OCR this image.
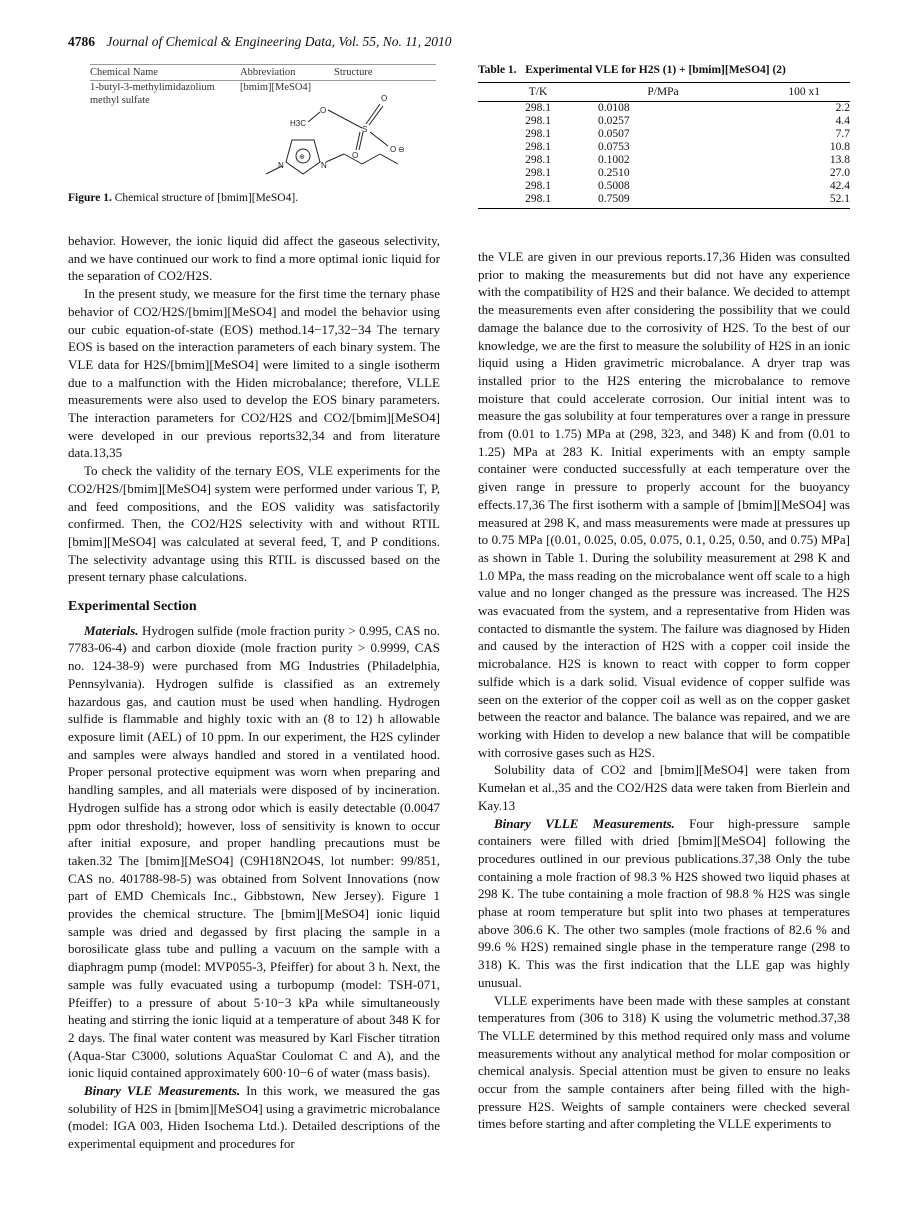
4786 Journal of Chemical & Engineering Data, Vol. 55, No. 11, 2010
Chemical Name	Abbreviation	Structure
1-butyl-3-methylimidazolium	[bmim][MeSO4]	
methyl sulfate			O
O
S
H3C
O
O ⊖
N	N
⊕
Figure 1. Chemical structure of [bmim][MeSO4].
Table 1. Experimental VLE for H2S (1) + [bmim][MeSO4] (2)
T/K	P/MPa	100 x1
298.1	0.0108	2.2
298.1	0.0257	4.4
298.1	0.0507	7.7
298.1	0.0753	10.8
298.1	0.1002	13.8
298.1	0.2510	27.0
298.1	0.5008	42.4
298.1	0.7509	52.1

behavior. However, the ionic liquid did affect the gaseous selectivity, and we have continued our work to find a more optimal ionic liquid for the separation of CO2/H2S.

In the present study, we measure for the first time the ternary phase behavior of CO2/H2S/[bmim][MeSO4] and model the behavior using our cubic equation-of-state (EOS) method.14−17,32−34 The ternary EOS is based on the interaction parameters of each binary system. The VLE data for H2S/[bmim][MeSO4] were limited to a single isotherm due to a malfunction with the Hiden microbalance; therefore, VLLE measurements were also used to develop the EOS binary parameters. The interaction parameters for CO2/H2S and CO2/[bmim][MeSO4] were developed in our previous reports32,34 and from literature data.13,35

To check the validity of the ternary EOS, VLE experiments for the CO2/H2S/[bmim][MeSO4] system were performed under various T, P, and feed compositions, and the EOS validity was satisfactorily confirmed. Then, the CO2/H2S selectivity with and without RTIL [bmim][MeSO4] was calculated at several feed, T, and P conditions. The selectivity advantage using this RTIL is discussed based on the present ternary phase calculations.

Experimental Section

Materials. Hydrogen sulfide (mole fraction purity > 0.995, CAS no. 7783-06-4) and carbon dioxide (mole fraction purity > 0.9999, CAS no. 124-38-9) were purchased from MG Industries (Philadelphia, Pennsylvania). Hydrogen sulfide is classified as an extremely hazardous gas, and caution must be used when handling. Hydrogen sulfide is flammable and highly toxic with an (8 to 12) h allowable exposure limit (AEL) of 10 ppm. In our experiment, the H2S cylinder and samples were always handled and stored in a ventilated hood. Proper personal protective equipment was worn when preparing and handling samples, and all materials were disposed of by incineration. Hydrogen sulfide has a strong odor which is easily detectable (0.0047 ppm odor threshold); however, loss of sensitivity is known to occur after initial exposure, and proper handling precautions must be taken.32 The [bmim][MeSO4] (C9H18N2O4S, lot number: 99/851, CAS no. 401788-98-5) was obtained from Solvent Innovations (now part of EMD Chemicals Inc., Gibbstown, New Jersey). Figure 1 provides the chemical structure. The [bmim][MeSO4] ionic liquid sample was dried and degassed by first placing the sample in a borosilicate glass tube and pulling a vacuum on the sample with a diaphragm pump (model: MVP055-3, Pfeiffer) for about 3 h. Next, the sample was fully evacuated using a turbopump (model: TSH-071, Pfeiffer) to a pressure of about 5·10−3 kPa while simultaneously heating and stirring the ionic liquid at a temperature of about 348 K for 2 days. The final water content was measured by Karl Fischer titration (Aqua-Star C3000, solutions AquaStar Coulomat C and A), and the ionic liquid contained approximately 600·10−6 of water (mass basis).

Binary VLE Measurements. In this work, we measured the gas solubility of H2S in [bmim][MeSO4] using a gravimetric microbalance (model: IGA 003, Hiden Isochema Ltd.). Detailed descriptions of the experimental equipment and procedures for

the VLE are given in our previous reports.17,36 Hiden was consulted prior to making the measurements but did not have any experience with the compatibility of H2S and their balance. We decided to attempt the measurements even after considering the possibility that we could damage the balance due to the corrosivity of H2S. To the best of our knowledge, we are the first to measure the solubility of H2S in an ionic liquid using a Hiden gravimetric microbalance. A dryer trap was installed prior to the H2S entering the microbalance to remove moisture that could accelerate corrosion. Our initial intent was to measure the gas solubility at four temperatures over a range in pressure from (0.01 to 1.75) MPa at (298, 323, and 348) K and from (0.01 to 1.25) MPa at 283 K. Initial experiments with an empty sample container were conducted successfully at each temperature over the given range in pressure to properly account for the buoyancy effects.17,36 The first isotherm with a sample of [bmim][MeSO4] was measured at 298 K, and mass measurements were made at pressures up to 0.75 MPa [(0.01, 0.025, 0.05, 0.075, 0.1, 0.25, 0.50, and 0.75) MPa] as shown in Table 1. During the solubility measurement at 298 K and 1.0 MPa, the mass reading on the microbalance went off scale to a high value and no longer changed as the pressure was increased. The H2S was evacuated from the system, and a representative from Hiden was contacted to dismantle the system. The failure was diagnosed by Hiden and caused by the interaction of H2S with a copper coil inside the microbalance. H2S is known to react with copper to form copper sulfide which is a dark solid. Visual evidence of copper sulfide was seen on the exterior of the copper coil as well as on the copper gasket between the reactor and balance. The balance was repaired, and we are working with Hiden to develop a new balance that will be compatible with corrosive gases such as H2S.

Solubility data of CO2 and [bmim][MeSO4] were taken from Kumełan et al.,35 and the CO2/H2S data were taken from Bierlein and Kay.13

Binary VLLE Measurements. Four high-pressure sample containers were filled with dried [bmim][MeSO4] following the procedures outlined in our previous publications.37,38 Only the tube containing a mole fraction of 98.3 % H2S showed two liquid phases at 298 K. The tube containing a mole fraction of 98.8 % H2S was single phase at room temperature but split into two phases at temperatures above 306.6 K. The other two samples (mole fractions of 82.6 % and 99.6 % H2S) remained single phase in the temperature range (298 to 318) K. This was the first indication that the LLE gap was highly unusual.

VLLE experiments have been made with these samples at constant temperatures from (306 to 318) K using the volumetric method.37,38 The VLLE determined by this method required only mass and volume measurements without any analytical method for molar composition or chemical analysis. Special attention must be given to ensure no leaks occur from the sample containers after being filled with the high-pressure H2S. Weights of sample containers were checked several times before starting and after completing the VLLE experiments to
